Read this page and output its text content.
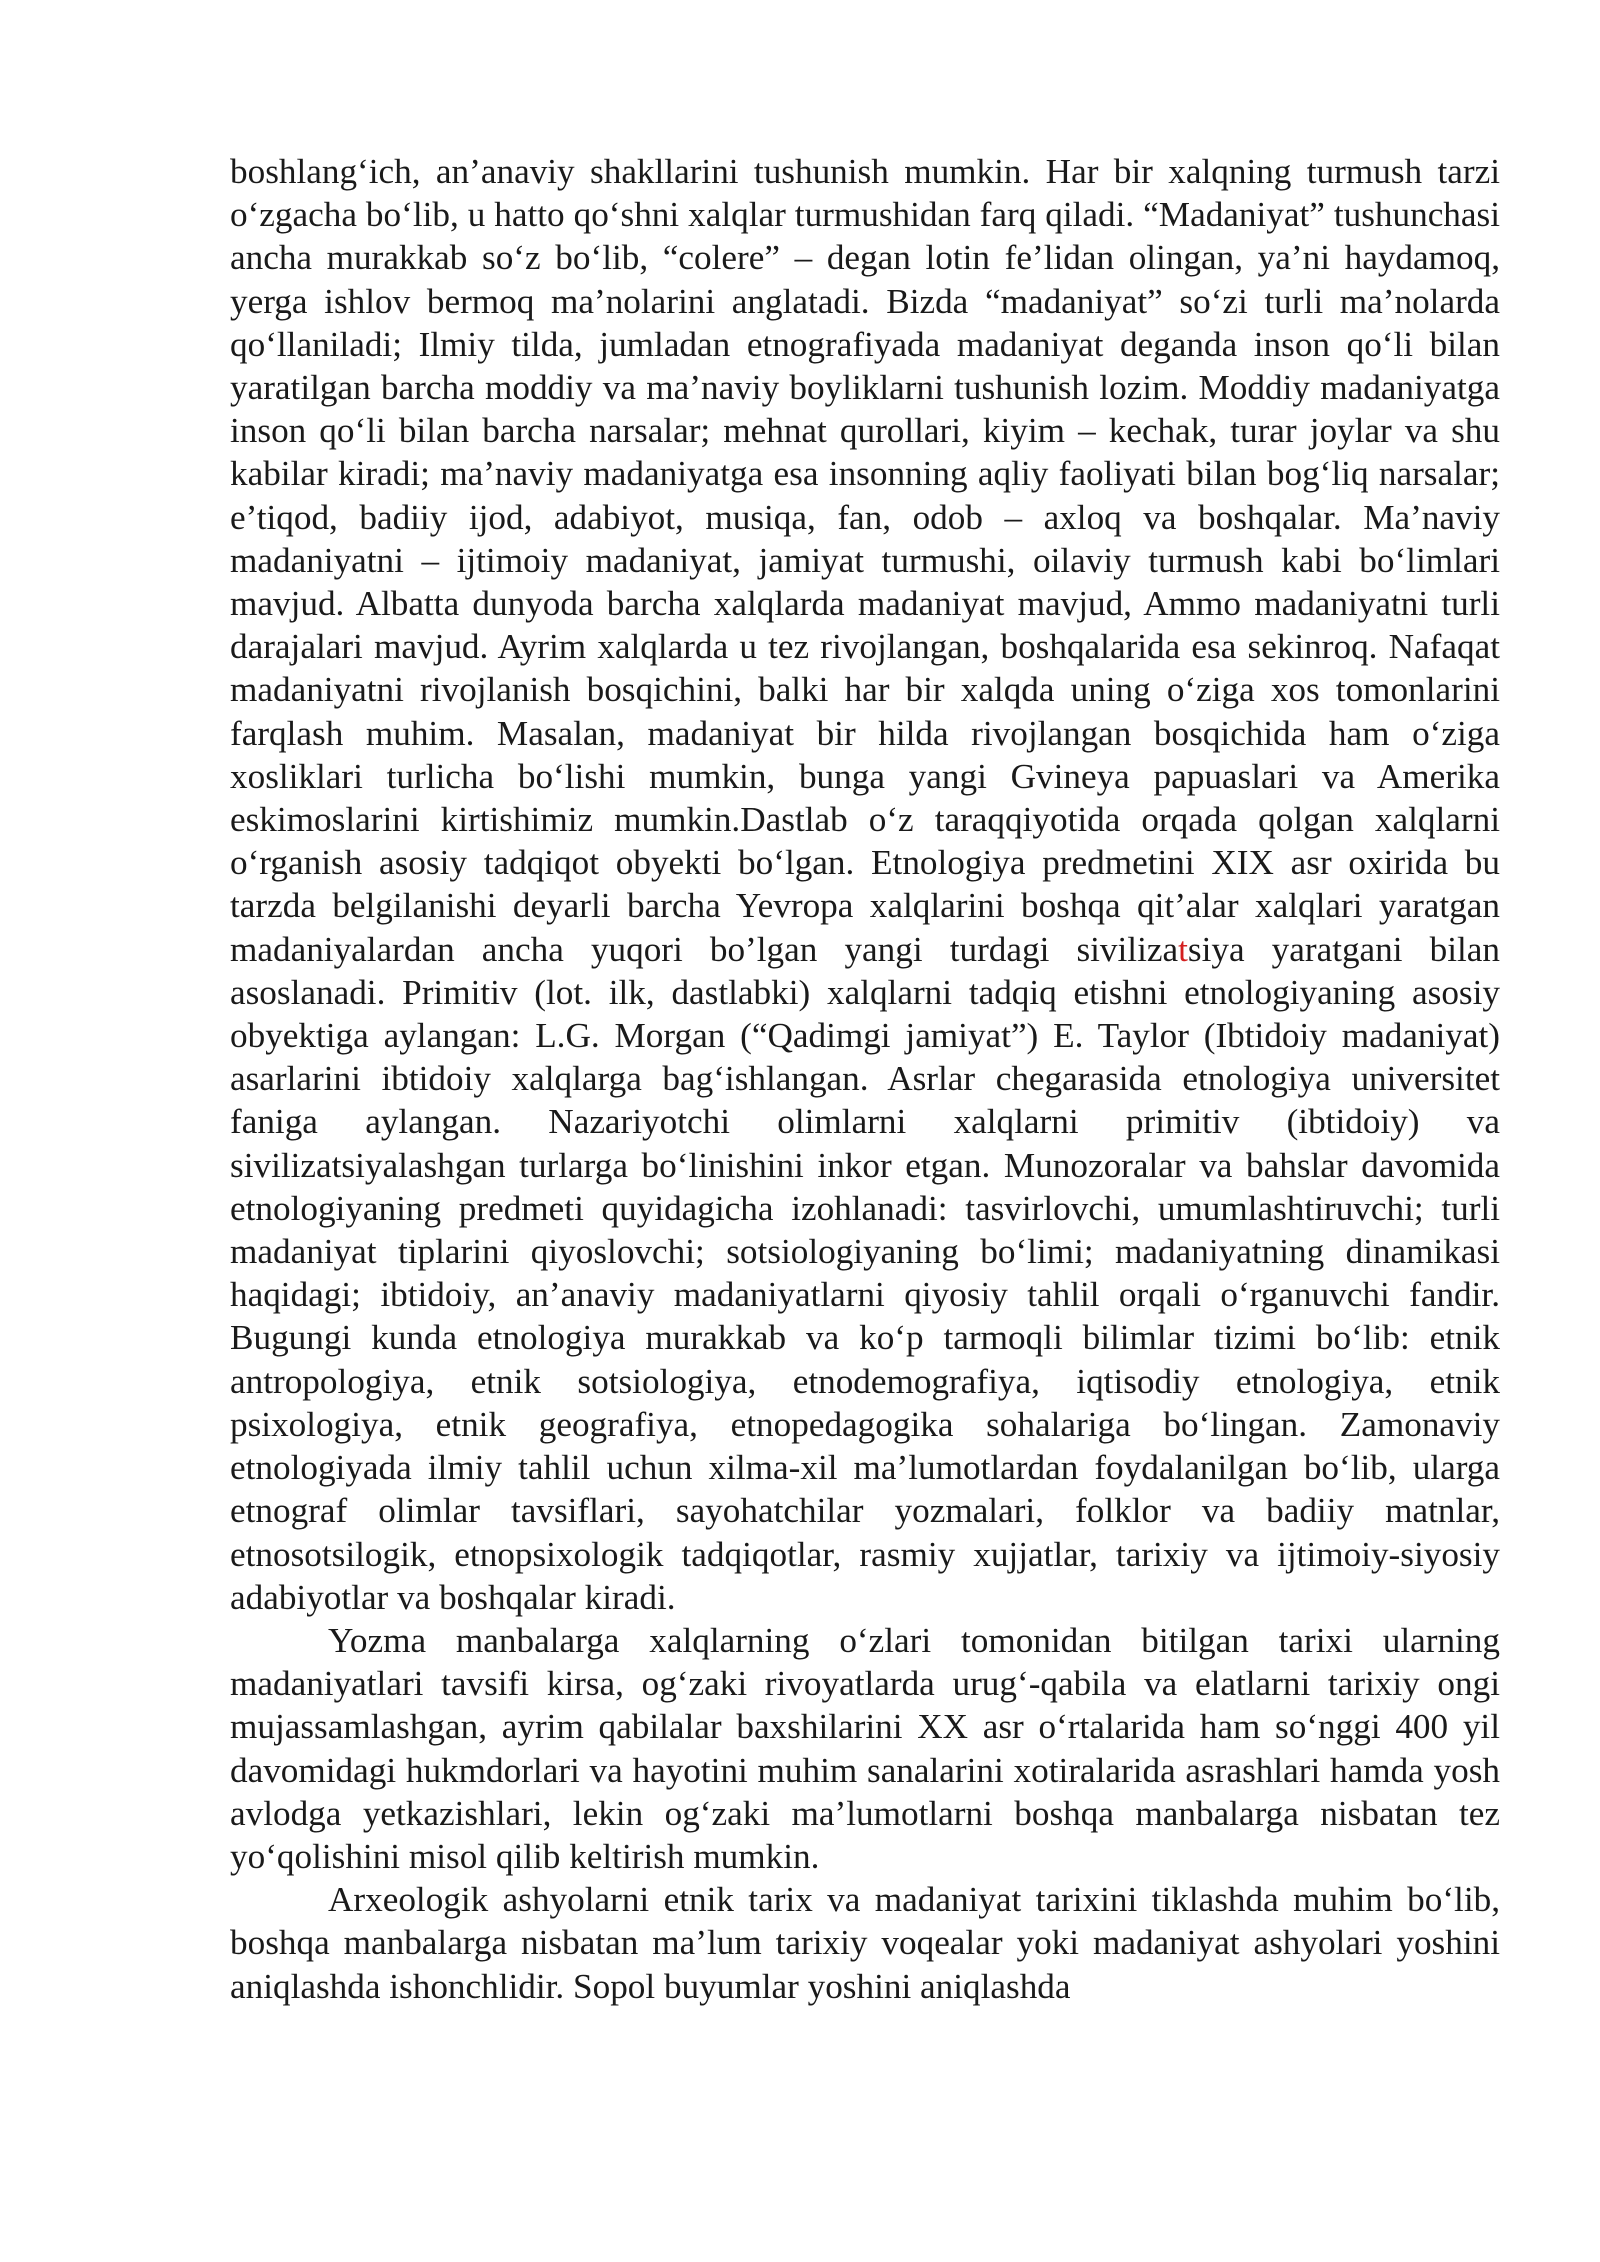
boshlang‘ich, an’anaviy shakllarini tushunish mumkin. Har bir xalqning turmush tarzi o‘zgacha bo‘lib, u hatto qo‘shni xalqlar turmushidan farq qiladi. “Madaniyat” tushunchasi ancha murakkab so‘z bo‘lib, “colere” – degan lotin fe’lidan olingan, ya’ni haydamoq, yerga ishlov bermoq ma’nolarini anglatadi. Bizda “madaniyat” so‘zi turli ma’nolarda qo‘llaniladi; Ilmiy tilda, jumladan etnografiyada madaniyat deganda inson qo‘li bilan yaratilgan barcha moddiy va ma’naviy boyliklarni tushunish lozim. Moddiy madaniyatga inson qo‘li bilan barcha narsalar; mehnat qurollari, kiyim – kechak, turar joylar va shu kabilar kiradi; ma’naviy madaniyatga esa insonning aqliy faoliyati bilan bog‘liq narsalar; e’tiqod, badiiy ijod, adabiyot, musiqa, fan, odob – axloq va boshqalar. Ma’naviy madaniyatni – ijtimoiy madaniyat, jamiyat turmushi, oilaviy turmush kabi bo‘limlari mavjud. Albatta dunyoda barcha xalqlarda madaniyat mavjud, Ammo madaniyatni turli darajalari mavjud. Ayrim xalqlarda u tez rivojlangan, boshqalarida esa sekinroq. Nafaqat madaniyatni rivojlanish bosqichini, balki har bir xalqda uning o‘ziga xos tomonlarini farqlash muhim. Masalan, madaniyat bir hilda rivojlangan bosqichida ham o‘ziga xosliklari turlicha bo‘lishi mumkin, bunga yangi Gvineya papuaslari va Amerika eskimoslarini kirtishimiz mumkin.Dastlab o‘z taraqqiyotida orqada qolgan xalqlarni o‘rganish asosiy tadqiqot obyekti bo‘lgan. Etnologiya predmetini XIX asr oxirida bu tarzda belgilanishi deyarli barcha Yevropa xalqlarini boshqa qit’alar xalqlari yaratgan madaniyalardan ancha yuqori bo’lgan yangi turdagi sivilizatsiya yaratgani bilan asoslanadi. Primitiv (lot. ilk, dastlabki) xalqlarni tadqiq etishni etnologiyaning asosiy obyektiga aylangan: L.G. Morgan (“Qadimgi jamiyat”) E. Taylor (Ibtidoiy madaniyat) asarlarini ibtidoiy xalqlarga bag‘ishlangan. Asrlar chegarasida etnologiya universitet faniga aylangan. Nazariyotchi olimlarni xalqlarni primitiv (ibtidoiy) va sivilizatsiyalashgan turlarga bo‘linishini inkor etgan. Munozoralar va bahslar davomida etnologiyaning predmeti quyidagicha izohlanadi: tasvirlovchi, umumlashtiruvchi; turli madaniyat tiplarini qiyoslovchi; sotsiologiyaning bo‘limi; madaniyatning dinamikasi haqidagi; ibtidoiy, an’anaviy madaniyatlarni qiyosiy tahlil orqali o‘rganuvchi fandir. Bugungi kunda etnologiya murakkab va ko‘p tarmoqli bilimlar tizimi bo‘lib: etnik antropologiya, etnik sotsiologiya, etnodemografiya, iqtisodiy etnologiya, etnik psixologiya, etnik geografiya, etnopedagogika sohalariga bo‘lingan. Zamonaviy etnologiyada ilmiy tahlil uchun xilma-xil ma’lumotlardan foydalanilgan bo‘lib, ularga etnograf olimlar tavsiflari, sayohatchilar yozmalari, folklor va badiiy matnlar, etnosotsilogik, etnopsixologik tadqiqotlar, rasmiy xujjatlar, tarixiy va ijtimoiy-siyosiy adabiyotlar va boshqalar kiradi.

Yozma manbalarga xalqlarning o‘zlari tomonidan bitilgan tarixi ularning madaniyatlari tavsifi kirsa, og‘zaki rivoyatlarda urug‘-qabila va elatlarni tarixiy ongi mujassamlashgan, ayrim qabilalar baxshilarini XX asr o‘rtalarida ham so‘nggi 400 yil davomidagi hukmdorlari va hayotini muhim sanalarini xotiralarida asrashlari hamda yosh avlodga yetkazishlari, lekin og‘zaki ma’lumotlarni boshqa manbalarga nisbatan tez yo‘qolishini misol qilib keltirish mumkin.

Arxeologik ashyolarni etnik tarix va madaniyat tarixini tiklashda muhim bo‘lib, boshqa manbalarga nisbatan ma’lum tarixiy voqealar yoki madaniyat ashyolari yoshini aniqlashda ishonchlidir. Sopol buyumlar yoshini aniqlashda
